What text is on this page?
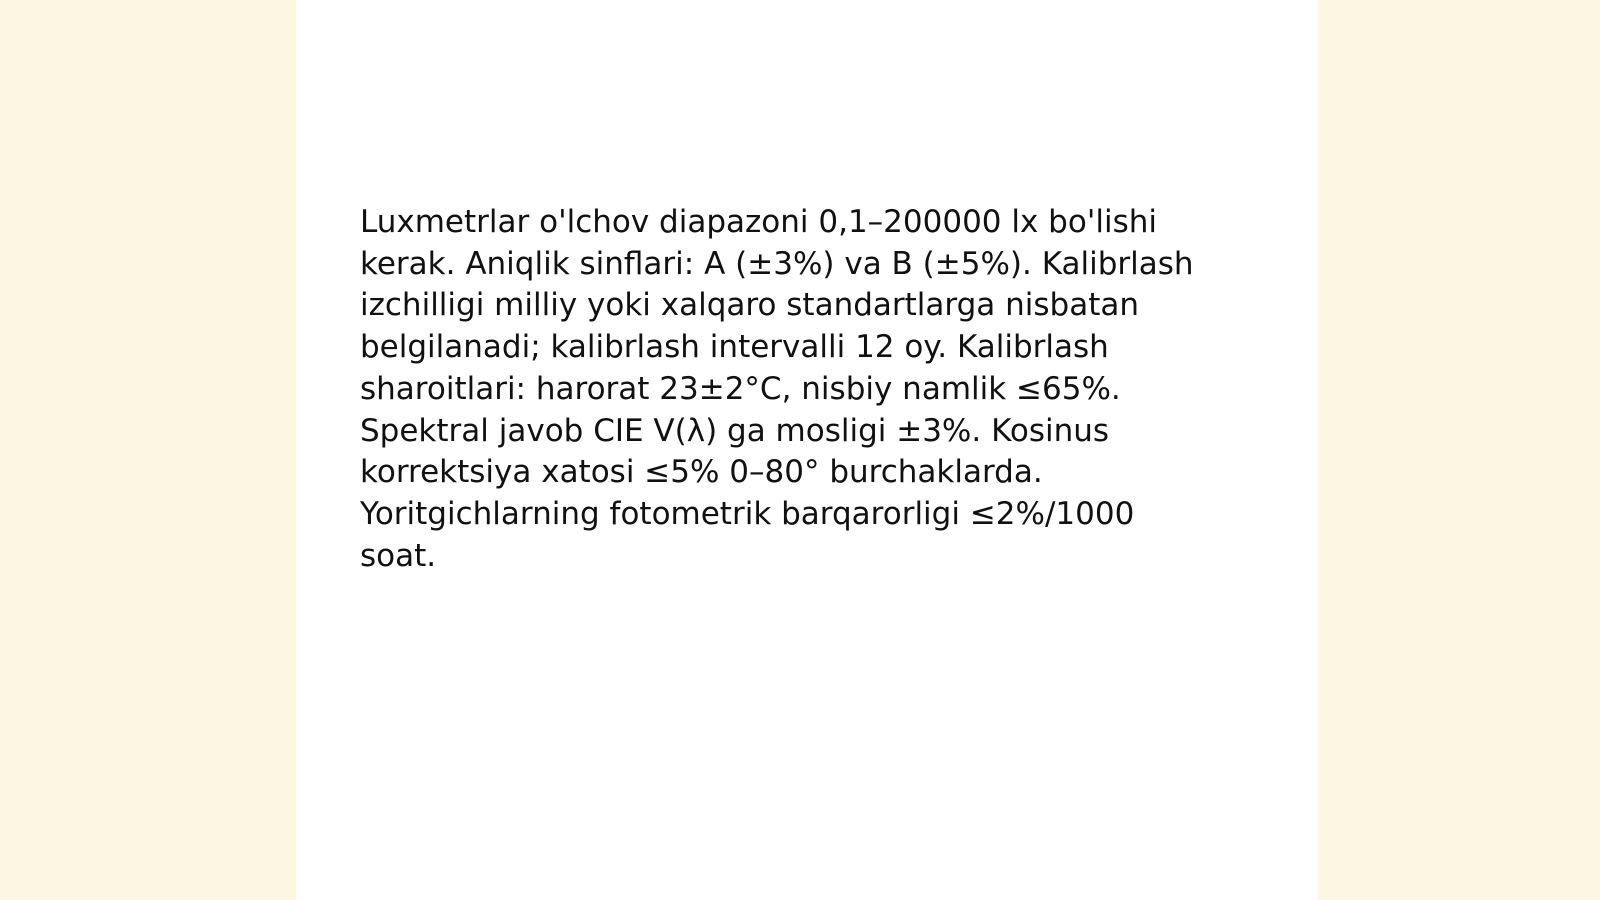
Luxmetrlar o'lchov diapazoni 0,1–200000 lx bo'lishi kerak. Aniqlik sinflari: A (±3%) va B (±5%). Kalibrlash izchilligi milliy yoki xalqaro standartlarga nisbatan belgilanadi; kalibrlash intervalli 12 oy. Kalibrlash sharoitlari: harorat 23±2°C, nisbiy namlik ≤65%. Spektral javob CIE V(λ) ga mosligi ±3%. Kosinus korrektsiya xatosi ≤5% 0–80° burchaklarda. Yoritgichlarning fotometrik barqarorligi ≤2%/1000 soat.
